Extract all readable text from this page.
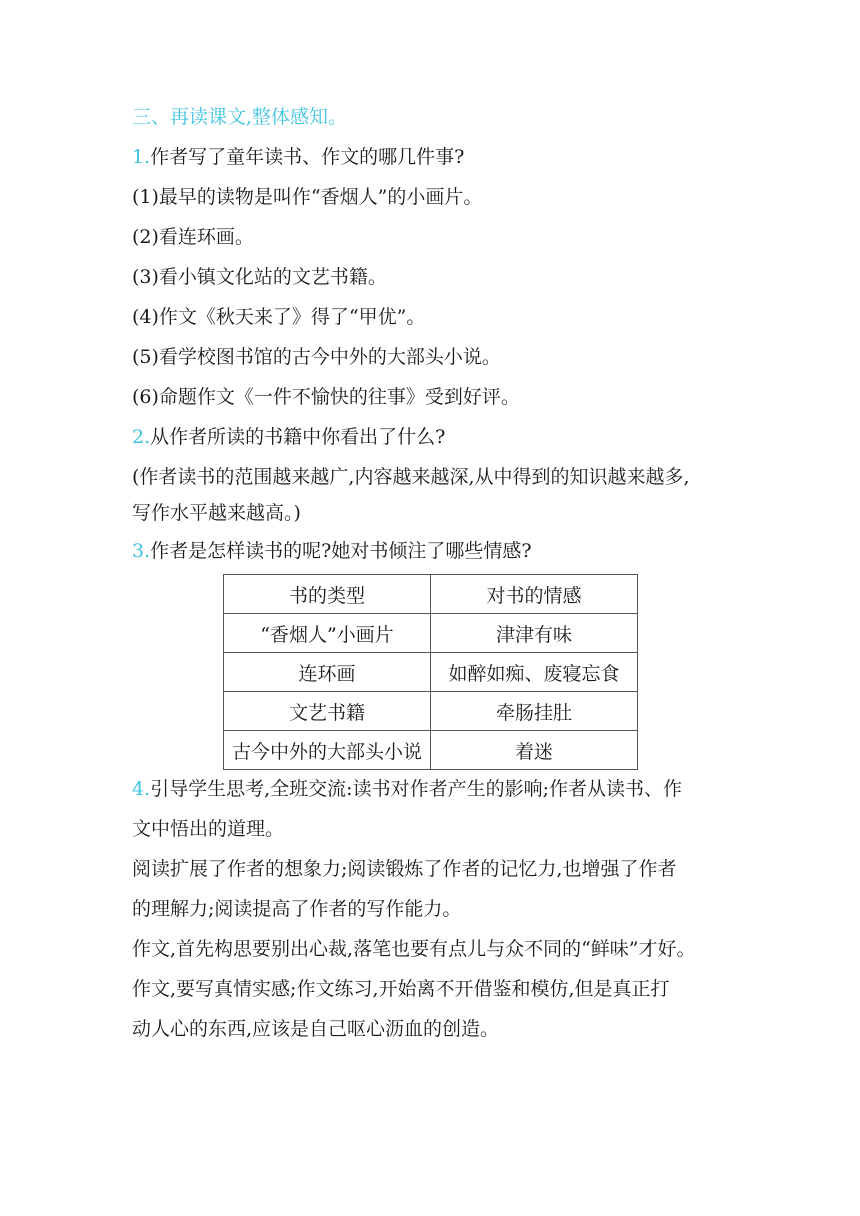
三、再读课文,整体感知。
1.作者写了童年读书、作文的哪几件事?
(1)最早的读物是叫作“香烟人”的小画片。
(2)看连环画。
(3)看小镇文化站的文艺书籍。
(4)作文《秋天来了》得了“甲优”。
(5)看学校图书馆的古今中外的大部头小说。
(6)命题作文《一件不愉快的往事》受到好评。
2.从作者所读的书籍中你看出了什么?
(作者读书的范围越来越广,内容越来越深,从中得到的知识越来越多,
写作水平越来越高。)
3.作者是怎样读书的呢?她对书倾注了哪些情感?
书的类型	对书的情感
“香烟人”小画片	津津有味
连环画	如醉如痴、废寝忘食
文艺书籍	牵肠挂肚
古今中外的大部头小说	着迷
4.引导学生思考,全班交流:读书对作者产生的影响;作者从读书、作
文中悟出的道理。
阅读扩展了作者的想象力;阅读锻炼了作者的记忆力,也增强了作者
的理解力;阅读提高了作者的写作能力。
作文,首先构思要别出心裁,落笔也要有点儿与众不同的“鲜味”才好。
作文,要写真情实感;作文练习,开始离不开借鉴和模仿,但是真正打
动人心的东西,应该是自己呕心沥血的创造。
